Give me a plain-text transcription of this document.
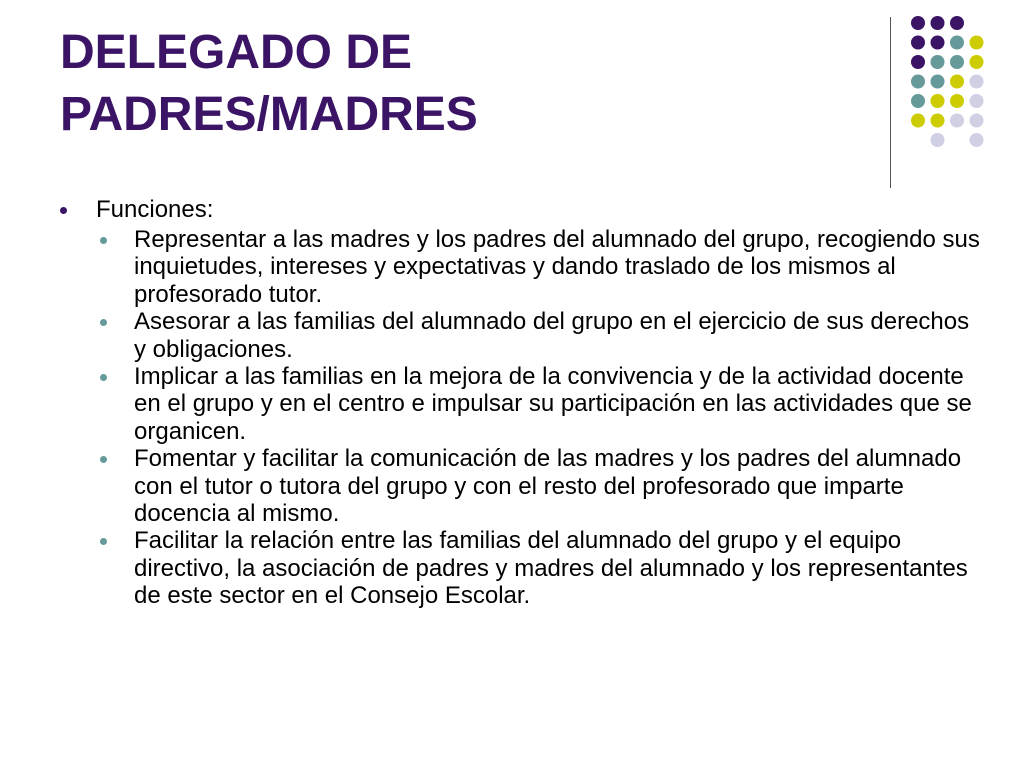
DELEGADO DE
PADRES/MADRES
Funciones:
Representar a las madres y los padres del alumnado del grupo, recogiendo sus inquietudes, intereses y expectativas y dando traslado de los mismos al profesorado tutor.
Asesorar a las familias del alumnado del grupo en el ejercicio de sus derechos y obligaciones.
Implicar a las familias en la mejora de la convivencia y de la actividad docente en el grupo y en el centro e impulsar su participación en las actividades que se organicen.
Fomentar y facilitar la comunicación de las madres y los padres del alumnado con el tutor o tutora del grupo y con el resto del profesorado que imparte docencia al mismo.
Facilitar la relación entre las familias del alumnado del grupo y el equipo directivo, la asociación de padres y madres del alumnado y los representantes de este sector en el Consejo Escolar.
